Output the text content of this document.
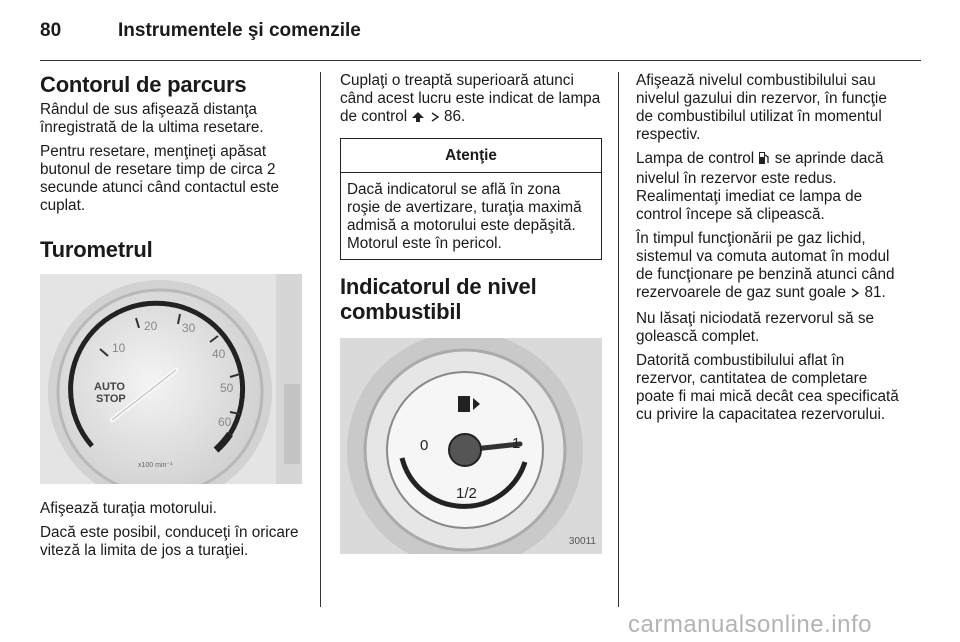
80	Instrumentele şi comenzile
Contorul de parcurs

Rândul de sus afişează distanţa înregistrată de la ultima resetare.

Pentru resetare, menţineţi apăsat butonul de resetare timp de circa 2 secunde atunci când contactul este cuplat.

Turometrul
10
20 30
40
50
60
AUTO
STOP
x100 min⁻¹

Afişează turaţia motorului.

Dacă este posibil, conduceţi în oricare viteză la limita de jos a turaţiei.

Cuplaţi o treaptă superioară atunci când acest lucru este indicat de lampa de control 86.

Atenţie
Dacă indicatorul se află în zona roşie de avertizare, turaţia maximă admisă a motorului este depăşită. Motorul este în pericol.
Indicatorul de nivel combustibil
0
1/2
1
30011

Afişează nivelul combustibilului sau nivelul gazului din rezervor, în funcţie de combustibilul utilizat în momentul respectiv.

Lampa de control se aprinde dacă nivelul în rezervor este redus. Realimentaţi imediat ce lampa de control începe să clipească.

În timpul funcţionării pe gaz lichid, sistemul va comuta automat în modul de funcţionare pe benzină atunci când rezervoarele de gaz sunt goale 81.

Nu lăsaţi niciodată rezervorul să se golească complet.

Datorită combustibilului aflat în rezervor, cantitatea de completare poate fi mai mică decât cea specificată cu privire la capacitatea rezervorului.

carmanualsonline.info
